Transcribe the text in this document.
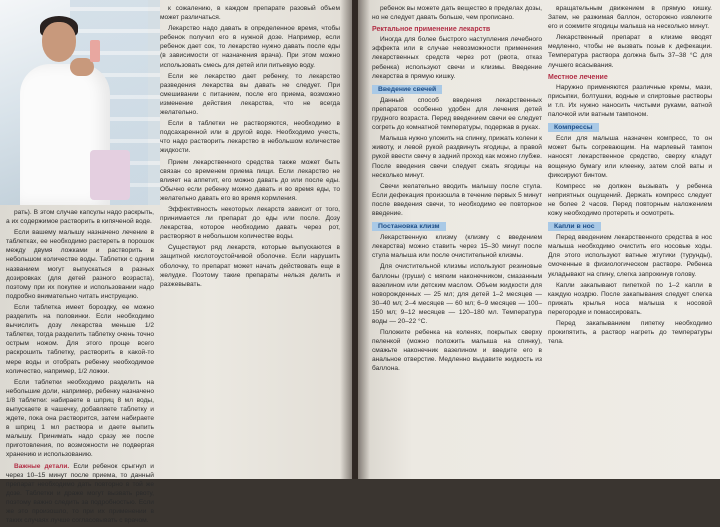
к сожалению, в каждом препарате разовый объем может различаться.

Лекарство надо давать в определенное время, чтобы ребенок получил его в нужной дозе. Например, если ребенок дает сок, то лекарство нужно давать после еды (в зависимости от назначения врача). При этом можно использовать смесь для детей или питьевую воду.

Если же лекарство дает ребенку, то лекарство разведения лекарства вы давать не следует. При смешивании с питанием, после его приема, возможно изменение действия лекарства, что не всегда желательно.

Если в таблетки не растворяются, необходимо в подсахаренной или в другой воде. Необходимо учесть, что надо растворить лекарство в небольшом количестве жидкости.

Прием лекарственного средства также может быть связан со временем приема пищи. Если лекарство не влияет на аппетит, его можно давать до или после еды. Обычно если ребенку можно давать и во время еды, то желательно давать его во время кормления.

Эффективность некоторых лекарств зависит от того, принимается ли препарат до еды или после. Дозу лекарства, которое необходимо давать через рот, растворяют в небольшом количестве воды.

Существуют ряд лекарств, которые выпускаются в защитной кислотоустойчивой оболочке. Если нарушить оболочку, то препарат может начать действовать еще в желудке. Поэтому такие препараты нельзя делить и разжевывать.

рать). В этом случае капсулы надо раскрыть, а их содержимое растворить в кипяченой воде.

Если вашему малышу назначено лечение в таблетках, ее необходимо растереть в порошок между двумя ложками и растворить в небольшом количестве воды. Таблетки с одним названием могут выпускаться в разных дозировках (для детей разного возраста), поэтому при их покупке и использовании надо подробно внимательно читать инструкцию.

Если таблетка имеет бороздку, ее можно разделить на половинки. Если необходимо вычислить дозу лекарства меньше 1/2 таблетки, тогда разделить таблетку очень точно острым ножом. Для этого проще всего раскрошить таблетку, растворить в какой-то мере воды и отобрать ребенку необходимое количество, например, 1/2 ложки.

Если таблетки необходимо разделить на небольшие доли, например, ребенку назначено 1/8 таблетки: набираете в шприц 8 мл воды, выпускаете в чашечку, добавляете таблетку и ждете, пока она растворится, затем набираете в шприц 1 мл раствора и даете выпить малышу. Принимать надо сразу же после приготовления, по возможности не подвергая хранению и использованию.

Важные детали. Если ребенок срыгнул и через 10–15 минут после приема, то данный препарат необходимо дать повторно в той же дозе. Таблетки и драже могут вызвать рвоту, поэтому важно следить за подробностью. Если же это произошло, то при их применении в таких случаях лучше согласовывать с врачом.

ребенок вы можете дать вещество в пределах дозы, но не следует давать больше, чем прописано.

Ректальное применение лекарств

Иногда для более быстрого наступления лечебного эффекта или в случае невозможности применения лекарственных средств через рот (рвота, отказ ребенка) используют свечи и клизмы. Введение лекарства в прямую кишку.

Введение свечей

Данный способ введения лекарственных препаратов особенно удобен для лечения детей грудного возраста. Перед введением свечи ее следует согреть до комнатной температуры, подержав в руках.

Малыша нужно уложить на спинку, прижать колени к животу, и левой рукой раздвинуть ягодицы, а правой рукой ввести свечу в задний проход как можно глубже. После введения свечи следует сжать ягодицы на несколько минут.

Свечи желательно вводить малышу после стула. Если дефекация произошла в течение первых 5 минут после введения свечи, то необходимо ее повторное введение.

Постановка клизм

Лекарственную клизму (клизму с введением лекарства) можно ставить через 15–30 минут после стула малыша или после очистительной клизмы.

Для очистительной клизмы используют резиновые баллоны (груши) с мягким наконечником, смазанным вазелином или детским маслом. Объем жидкости для новорожденных — 25 мл; для детей 1–2 месяцев — 30–40 мл; 2–4 месяцев — 60 мл; 6–9 месяцев — 100–150 мл; 9–12 месяцев — 120–180 мл. Температура воды — 20–22 °С.

Положите ребенка на коленях, покрытых сверху пеленкой (можно положить малыша на спинку), смажьте наконечник вазелином и введите его в анальное отверстие. Медленно выдавите жидкость из баллона.

вращательным движением в прямую кишку. Затем, не разжимая баллон, осторожно извлеките его и сожмите ягодицы малыша на несколько минут.

Лекарственный препарат в клизме вводят медленно, чтобы не вызвать позыв к дефекации. Температура раствора должна быть 37–38 °С для лучшего всасывания.

Местное лечение

Наружно применяются различные кремы, мази, присыпки, болтушки, водные и спиртовые растворы и т.п. Их нужно наносить чистыми руками, ватной палочкой или ватным тампоном.

Компрессы

Если для малыша назначен компресс, то он может быть согревающим. На марлевый тампон наносят лекарственное средство, сверху кладут вощеную бумагу или клеенку, затем слой ваты и фиксируют бинтом.

Компресс не должен вызывать у ребенка неприятных ощущений. Держать компресс следует не более 2 часов. Перед повторным наложением кожу необходимо протереть и осмотреть.

Капли в нос

Перед введением лекарственного средства в нос малыша необходимо очистить его носовые ходы. Для этого используют ватные жгутики (турунды), смоченные в физиологическом растворе. Ребенка укладывают на спину, слегка запрокинув голову.

Капли закапывают пипеткой по 1–2 капли в каждую ноздрю. После закапывания следует слегка прижать крылья носа малыша к носовой перегородке и помассировать.

Перед закапыванием пипетку необходимо прокипятить, а раствор нагреть до температуры тела.
